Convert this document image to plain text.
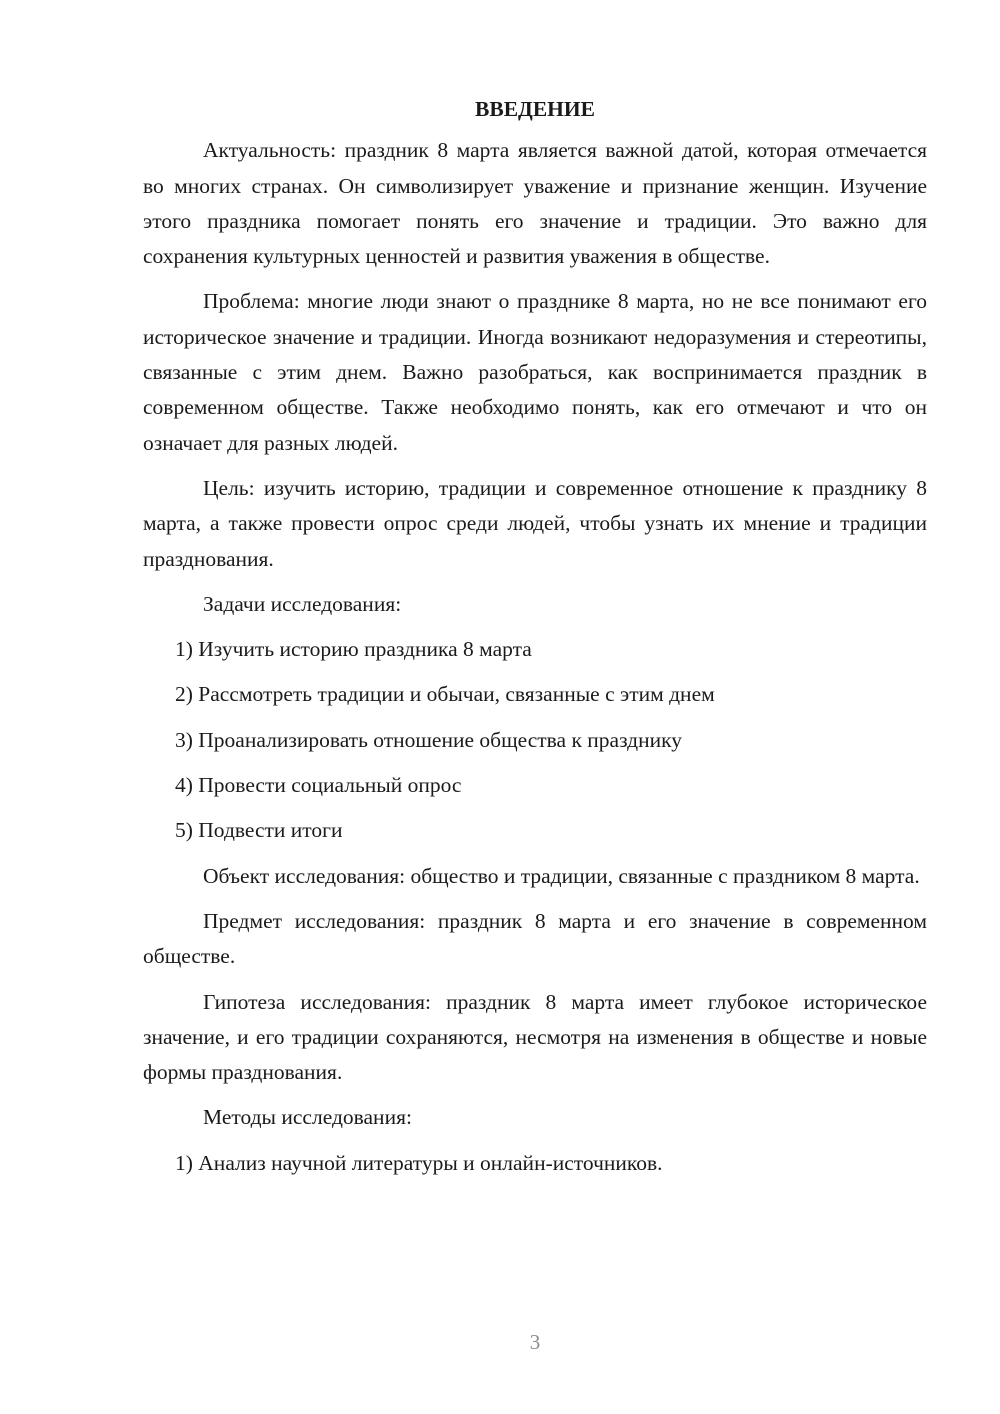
ВВЕДЕНИЕ

Актуальность: праздник 8 марта является важной датой, которая отмечается во многих странах. Он символизирует уважение и признание женщин. Изучение этого праздника помогает понять его значение и традиции. Это важно для сохранения культурных ценностей и развития уважения в обществе.

Проблема: многие люди знают о празднике 8 марта, но не все понимают его историческое значение и традиции. Иногда возникают недоразумения и стереотипы, связанные с этим днем. Важно разобраться, как воспринимается праздник в современном обществе. Также необходимо понять, как его отмечают и что он означает для разных людей.

Цель: изучить историю, традиции и современное отношение к празднику 8 марта, а также провести опрос среди людей, чтобы узнать их мнение и традиции празднования.

Задачи исследования:

1) Изучить историю праздника 8 марта
2) Рассмотреть традиции и обычаи, связанные с этим днем
3) Проанализировать отношение общества к празднику
4) Провести социальный опрос
5) Подвести итоги

Объект исследования: общество и традиции, связанные с праздником 8 марта.

Предмет исследования: праздник 8 марта и его значение в современном обществе.

Гипотеза исследования: праздник 8 марта имеет глубокое историческое значение, и его традиции сохраняются, несмотря на изменения в обществе и новые формы празднования.

Методы исследования:

1) Анализ научной литературы и онлайн-источников.
3
